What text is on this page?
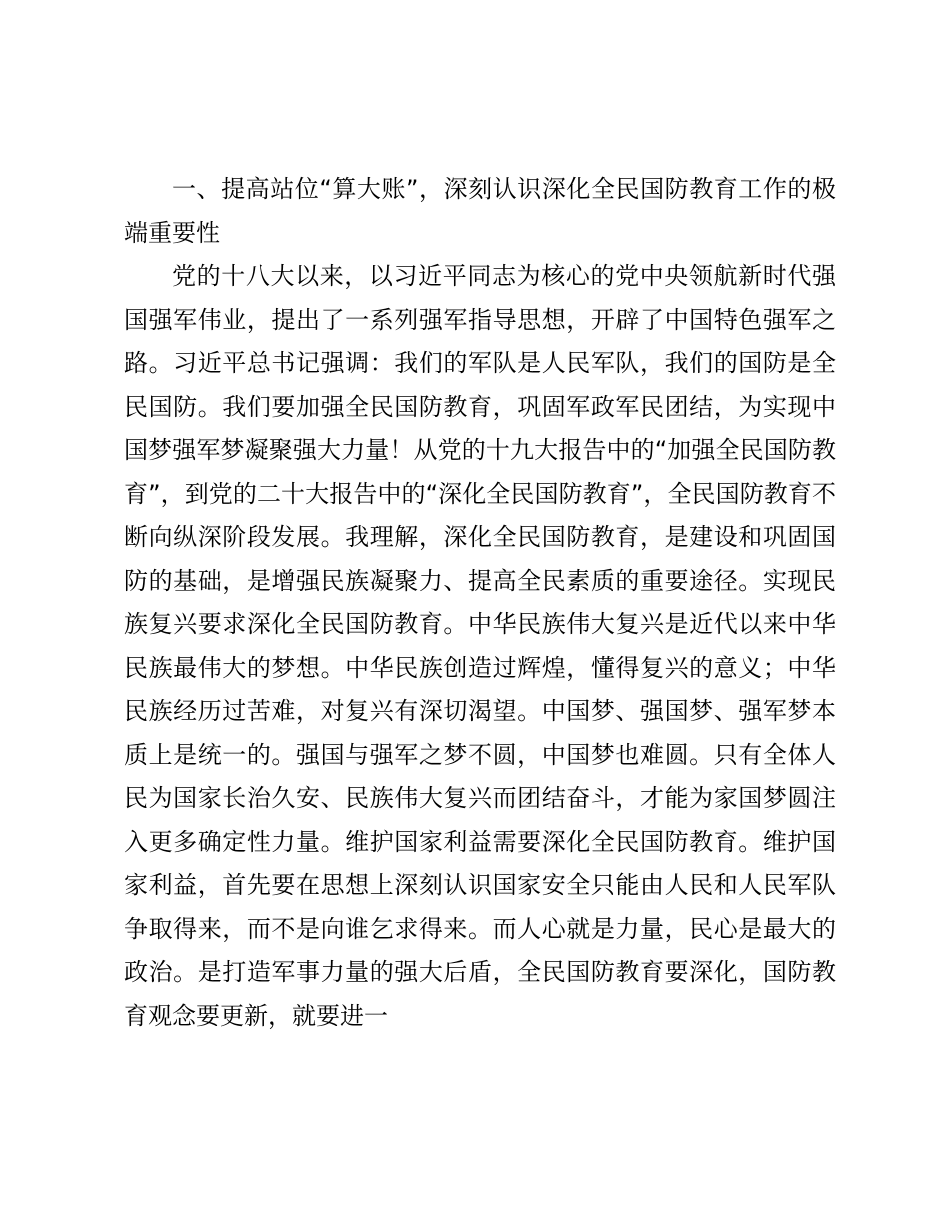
一、提高站位“算大账”，深刻认识深化全民国防教育工作的极端重要性

党的十八大以来，以习近平同志为核心的党中央领航新时代强国强军伟业，提出了一系列强军指导思想，开辟了中国特色强军之路。习近平总书记强调：我们的军队是人民军队，我们的国防是全民国防。我们要加强全民国防教育，巩固军政军民团结，为实现中国梦强军梦凝聚强大力量！从党的十九大报告中的“加强全民国防教育”，到党的二十大报告中的“深化全民国防教育”，全民国防教育不断向纵深阶段发展。我理解，深化全民国防教育，是建设和巩固国防的基础，是增强民族凝聚力、提高全民素质的重要途径。实现民族复兴要求深化全民国防教育。中华民族伟大复兴是近代以来中华民族最伟大的梦想。中华民族创造过辉煌，懂得复兴的意义；中华民族经历过苦难，对复兴有深切渴望。中国梦、强国梦、强军梦本质上是统一的。强国与强军之梦不圆，中国梦也难圆。只有全体人民为国家长治久安、民族伟大复兴而团结奋斗，才能为家国梦圆注入更多确定性力量。维护国家利益需要深化全民国防教育。维护国家利益，首先要在思想上深刻认识国家安全只能由人民和人民军队争取得来，而不是向谁乞求得来。而人心就是力量，民心是最大的政治。是打造军事力量的强大后盾，全民国防教育要深化，国防教育观念要更新，就要进一
